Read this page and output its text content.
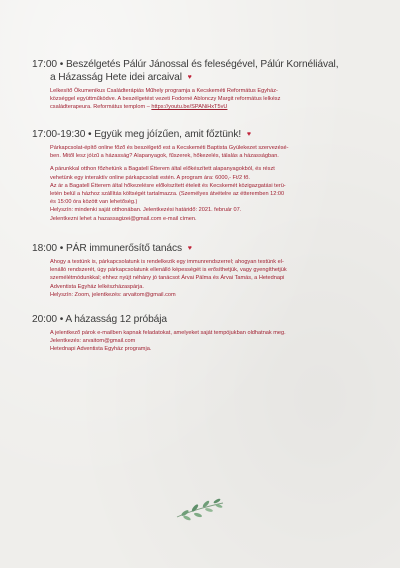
17:00 • Beszélgetés Pálúr Jánossal és feleségével, Pálúr Kornéliával,
a Házasság Hete idei arcaival ♥

Lelkesítő Ökumenikus Családterápiás Műhely programja a Kecskeméti Református Egyház-

községgel együttműködve. A beszélgetést vezeti Fodorné Ablonczy Margit református lelkész

családterapeura. Református templom – https://youtu.be/SPANiHxT5vU

17:00-19:30 • Együk meg jóízűen, amit főztünk! ♥

Párkapcsolat-építő online főző és beszélgető est a Kecskeméti Baptista Gyülekezet szervezésé-

ben. Mitől lesz jóízű a házasság? Alapanyagok, fűszerek, hőkezelés, tálalás a házasságban.

A párunkkal otthon főzhetünk a Bagatell Étterem által előkészített alapanyagokból, és részt

vehetünk egy interaktív online párkapcsolati estén. A program ára: 6000,- Ft/2 fő.

Az ár a Bagatell Étterem által hőkezelésre előkészített ételeit és Kecskemét közigazgatási terü-

letén belül a házhoz szállítás költségét tartalmazza. (Személyes átvételre az étteremben 12:00

és 15:00 óra között van lehetőség.)

Helyszín: mindenki saját otthonában. Jelentkezési határidő: 2021. február 07.

Jelentkezni lehet a hazassagizei@gmail.com e-mail címen.

18:00 • PÁR immunerősítő tanács ♥

Ahogy a testünk is, párkapcsolatunk is rendelkezik egy immunrendszerrel; ahogyan testünk el-

lenálló rendszerét, úgy párkapcsolatunk ellenálló képességét is erősíthetjük, vagy gyengíthetjük

személétmódunkkal; ehhez nyújt néhány jó tanácsot Árvai Pálma és Árvai Tamás, a Hetednapi

Adventista Egyház lelkészházaspárja.

Helyszín: Zoom, jelentkezés: arvaitom@gmail.com

20:00 • A házasság 12 próbája

A jelentkező párok e-mailben kapnak feladatokat, amelyeket saját tempójukban oldhatnak meg.

Jelentkezés: arvaitom@gmail.com

Hetednapi Adventista Egyház programja.
